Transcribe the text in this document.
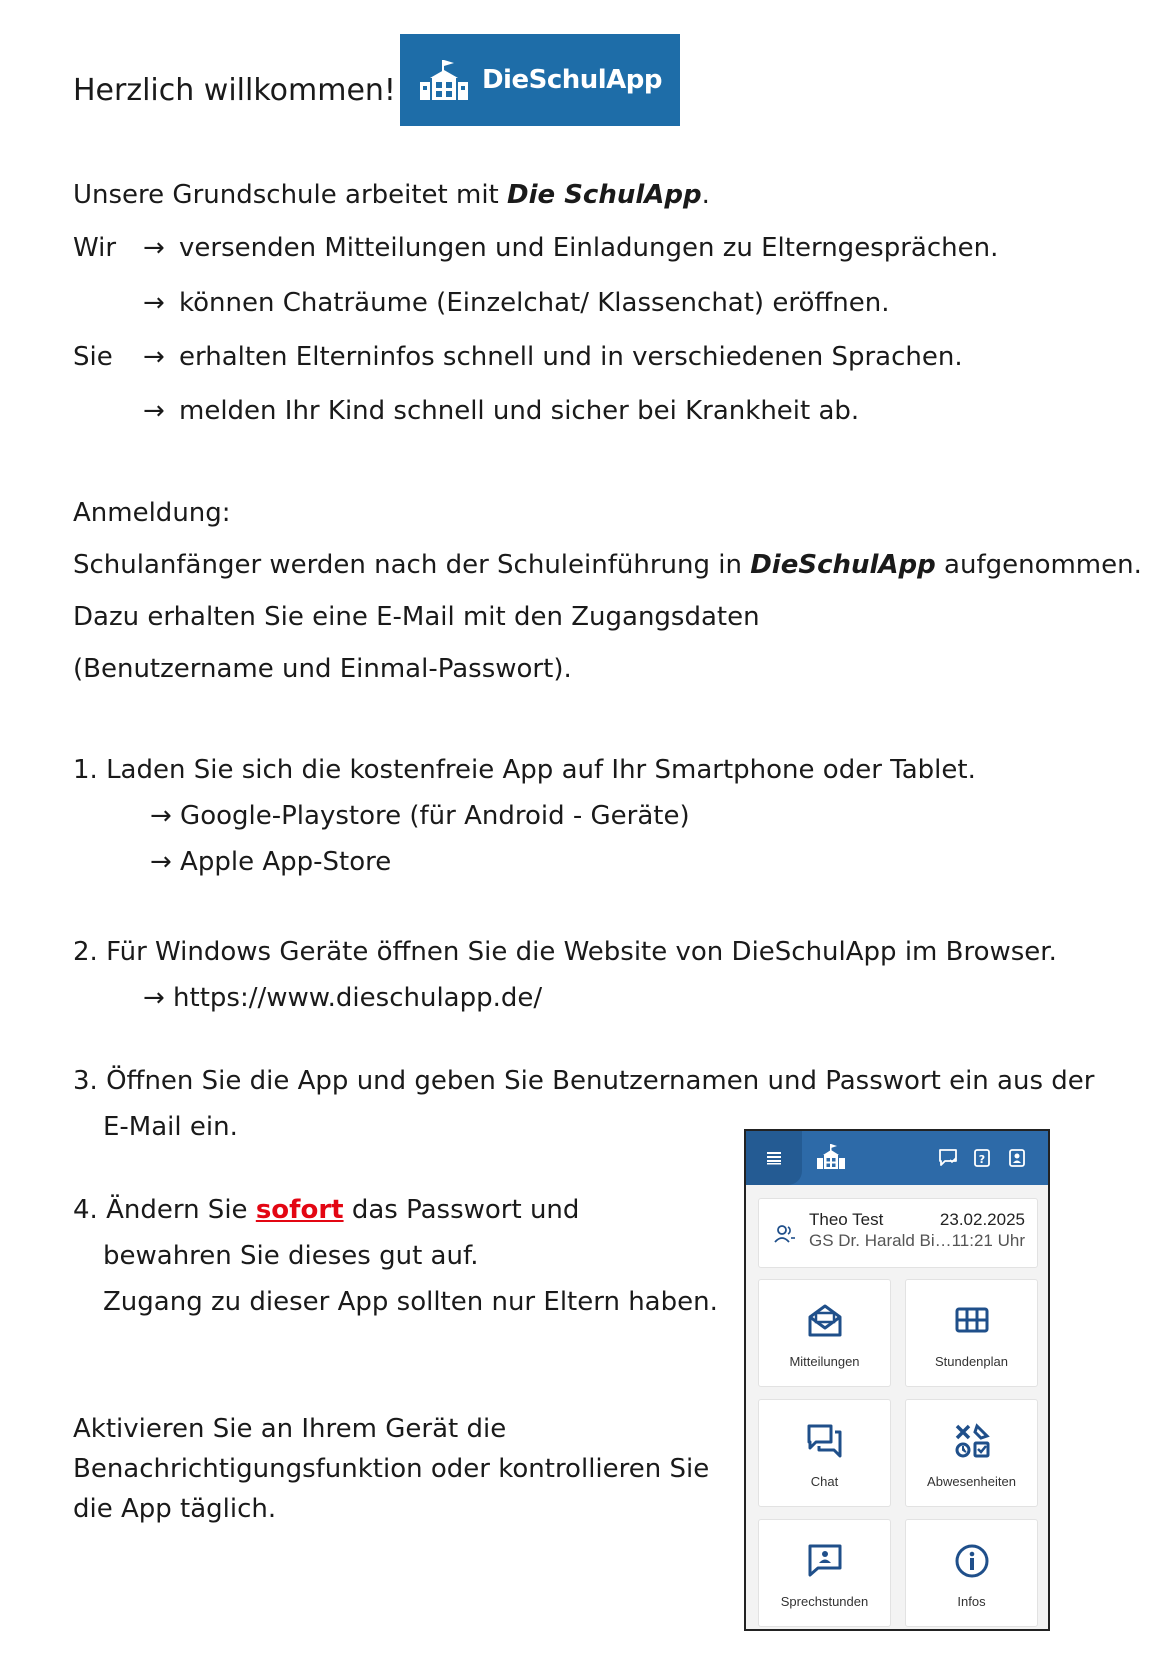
Herzlich willkommen!	DieSchulApp

Unsere Grundschule arbeitet mit Die SchulApp.

Wir → versenden Mitteilungen und Einladungen zu Elterngesprächen.

→ können Chaträume (Einzelchat/ Klassenchat) eröffnen.

Sie → erhalten Elterninfos schnell und in verschiedenen Sprachen.

→ melden Ihr Kind schnell und sicher bei Krankheit ab.

Anmeldung:

Schulanfänger werden nach der Schuleinführung in DieSchulApp aufgenommen.

Dazu erhalten Sie eine E-Mail mit den Zugangsdaten

(Benutzername und Einmal-Passwort).

1. Laden Sie sich die kostenfreie App auf Ihr Smartphone oder Tablet.

→ Google-Playstore (für Android - Geräte)

→ Apple App-Store

2. Für Windows Geräte öffnen Sie die Website von DieSchulApp im Browser.

→ https://www.dieschulapp.de/

3. Öffnen Sie die App und geben Sie Benutzernamen und Passwort ein aus der

E-Mail ein.

4. Ändern Sie sofort das Passwort und

bewahren Sie dieses gut auf.

Zugang zu dieser App sollten nur Eltern haben.

Aktivieren Sie an Ihrem Gerät die

Benachrichtigungsfunktion oder kontrollieren Sie

die App täglich.

?
Theo Test
GS Dr. Harald Bi…
23.02.2025
11:21 Uhr
Mitteilungen	Stundenplan
Chat	Abwesenheiten
Sprechstunden	Infos
